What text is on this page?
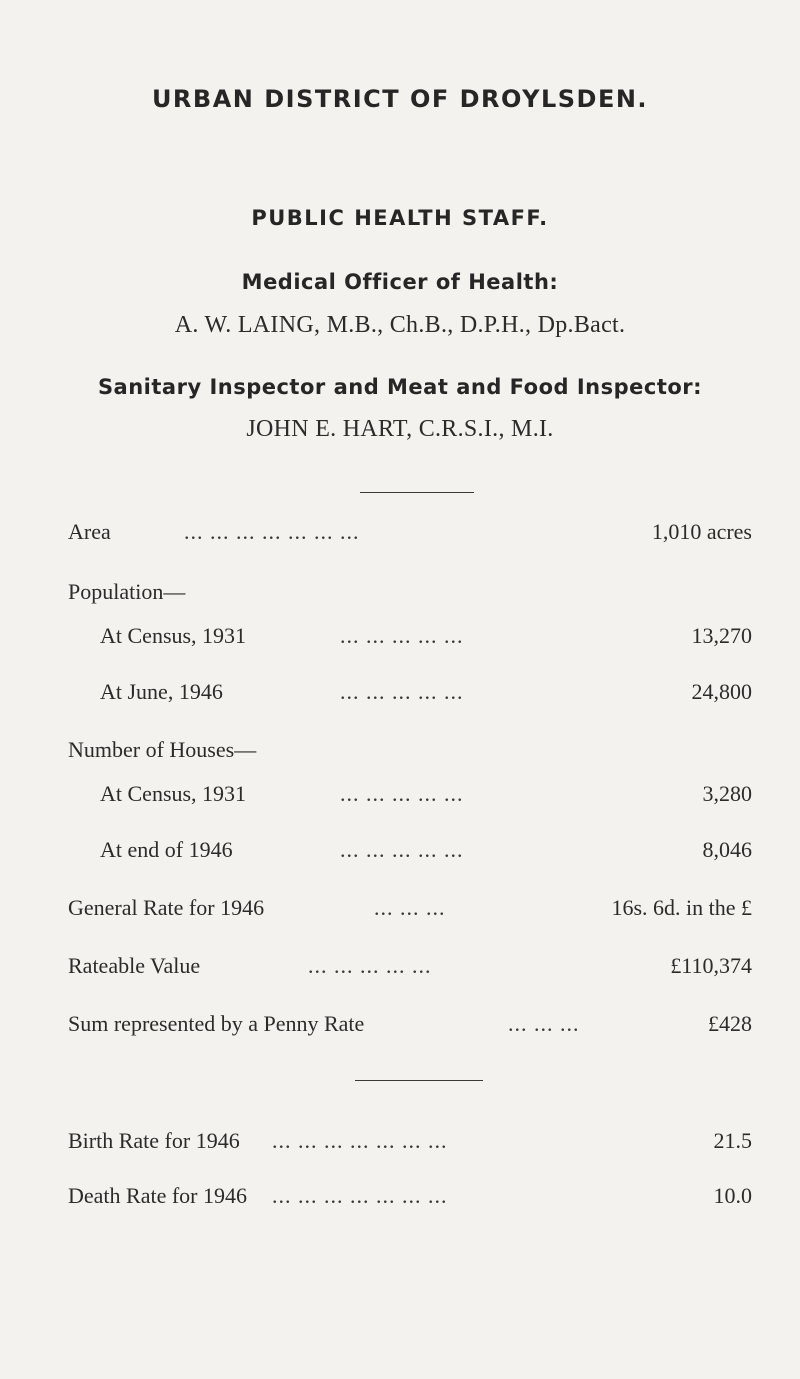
URBAN DISTRICT OF DROYLSDEN.
PUBLIC HEALTH STAFF.
Medical Officer of Health:
A. W. LAING, M.B., Ch.B., D.P.H., Dp.Bact.
Sanitary Inspector and Meat and Food Inspector:
JOHN E. HART, C.R.S.I., M.I.
Area	... ... ... ... ... ... ...	1,010 acres
Population—
At Census, 1931	... ... ... ... ...	13,270
At June, 1946	... ... ... ... ...	24,800
Number of Houses—
At Census, 1931	... ... ... ... ...	3,280
At end of 1946	... ... ... ... ...	8,046
General Rate for 1946	... ... ...	16s. 6d. in the £
Rateable Value	... ... ... ... ...	£110,374
Sum represented by a Penny Rate	... ... ...	£428
Birth Rate for 1946 ... ... ... ... ... ... ...	21.5
Death Rate for 1946 ... ... ... ... ... ... ...	10.0
